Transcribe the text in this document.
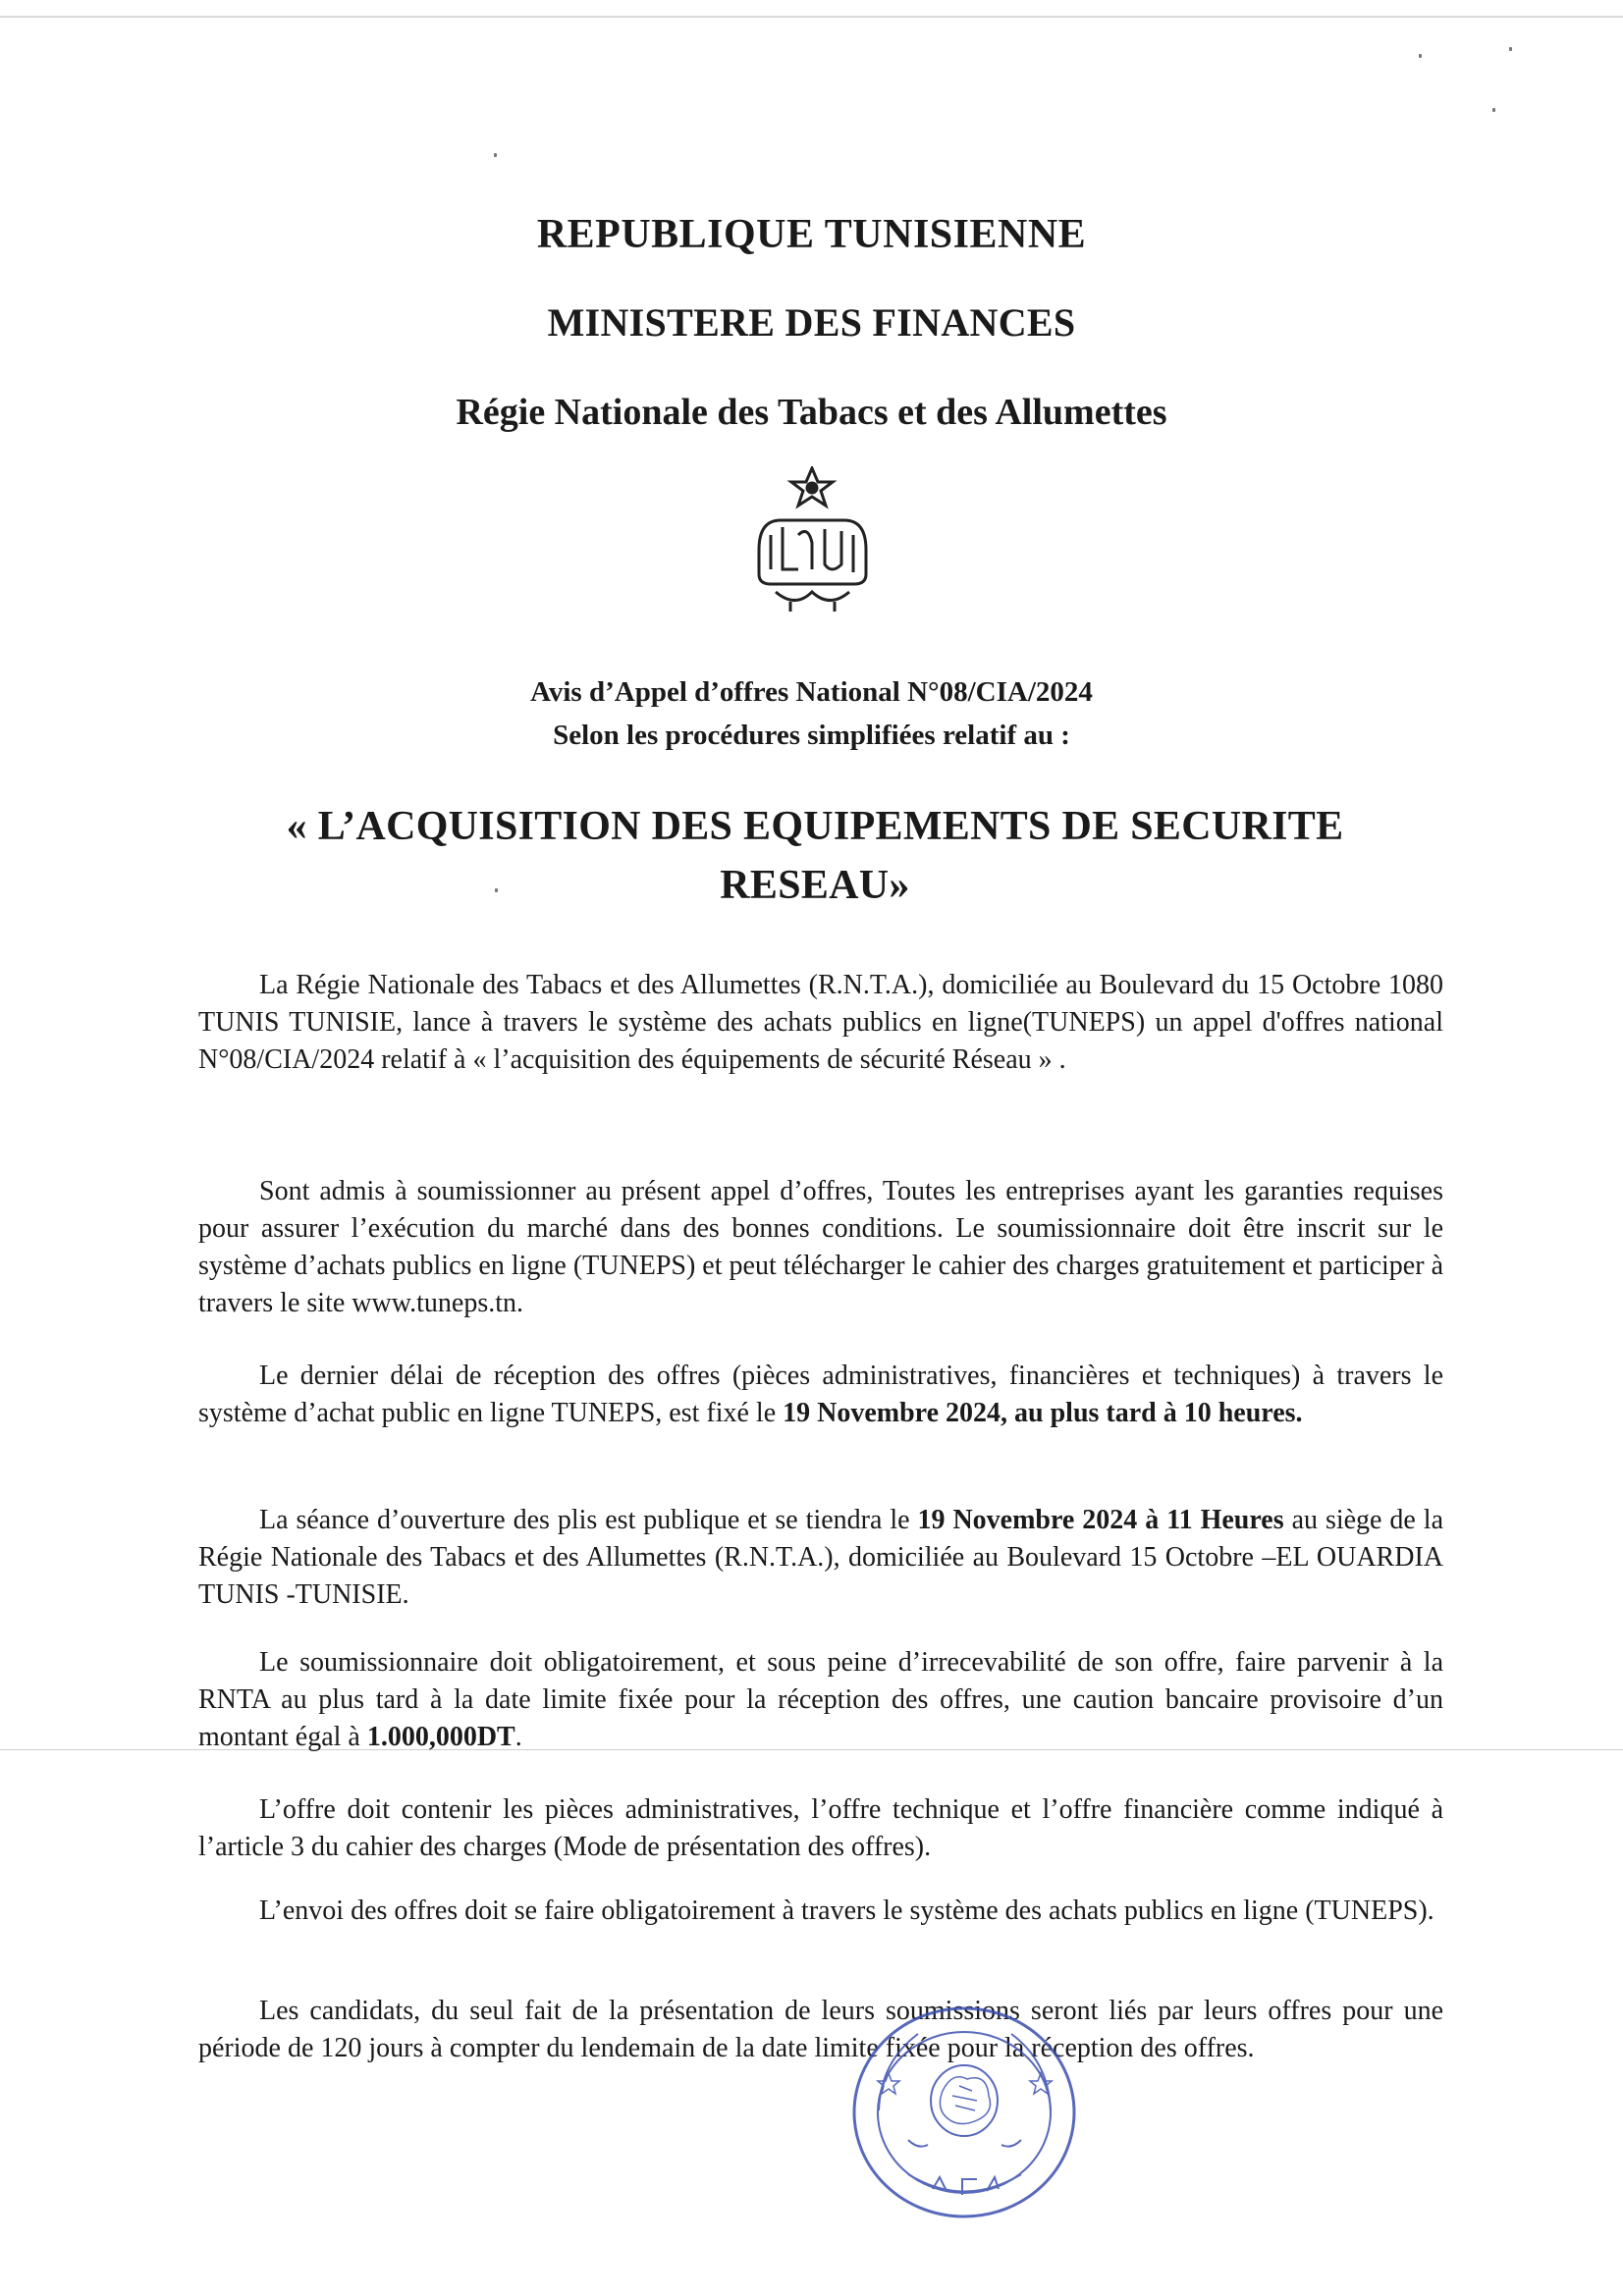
REPUBLIQUE TUNISIENNE
MINISTERE DES FINANCES
Régie Nationale des Tabacs et des Allumettes
Avis d’Appel d’offres National N°08/CIA/2024
Selon les procédures simplifiées relatif au :
« L’ACQUISITION DES EQUIPEMENTS DE SECURITE
RESEAU»

La Régie Nationale des Tabacs et des Allumettes (R.N.T.A.), domiciliée au Boulevard du 15 Octobre 1080 TUNIS TUNISIE, lance à travers le système des achats publics en ligne(TUNEPS) un appel d'offres national N°08/CIA/2024 relatif à « l’acquisition des équipements de sécurité Réseau » .

Sont admis à soumissionner au présent appel d’offres, Toutes les entreprises ayant les garanties requises pour assurer l’exécution du marché dans des bonnes conditions. Le soumissionnaire doit être inscrit sur le système d’achats publics en ligne (TUNEPS) et peut télécharger le cahier des charges gratuitement et participer à travers le site www.tuneps.tn.

Le dernier délai de réception des offres (pièces administratives, financières et techniques) à travers le système d’achat public en ligne TUNEPS, est fixé le 19 Novembre 2024, au plus tard à 10 heures.

La séance d’ouverture des plis est publique et se tiendra le 19 Novembre 2024 à 11 Heures au siège de la Régie Nationale des Tabacs et des Allumettes (R.N.T.A.), domiciliée au Boulevard 15 Octobre –EL OUARDIA TUNIS -TUNISIE.

Le soumissionnaire doit obligatoirement, et sous peine d’irrecevabilité de son offre, faire parvenir à la RNTA au plus tard à la date limite fixée pour la réception des offres, une caution bancaire provisoire d’un montant égal à 1.000,000DT.

L’offre doit contenir les pièces administratives, l’offre technique et l’offre financière comme indiqué à l’article 3 du cahier des charges (Mode de présentation des offres).

L’envoi des offres doit se faire obligatoirement à travers le système des achats publics en ligne (TUNEPS).

Les candidats, du seul fait de la présentation de leurs soumissions seront liés par leurs offres pour une période de 120 jours à compter du lendemain de la date limite fixée pour la réception des offres.
